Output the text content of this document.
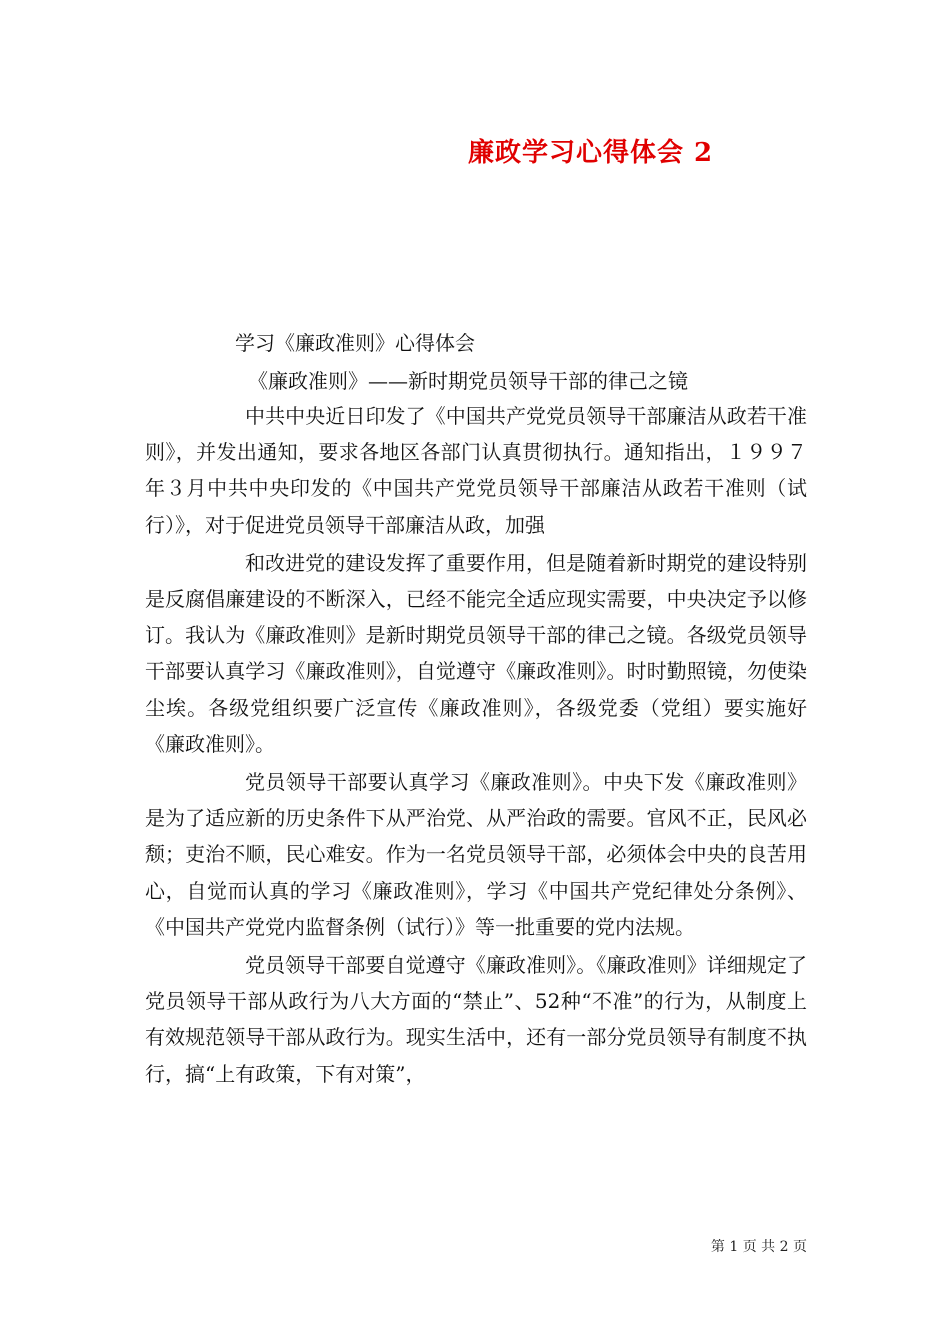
廉政学习心得体会 2
学习《廉政准则》心得体会
《廉政准则》——新时期党员领导干部的律己之镜

中共中央近日印发了《中国共产党党员领导干部廉洁从政若干准则》，并发出通知，要求各地区各部门认真贯彻执行。通知指出，１９９７年３月中共中央印发的《中国共产党党员领导干部廉洁从政若干准则（试行）》，对于促进党员领导干部廉洁从政，加强

和改进党的建设发挥了重要作用，但是随着新时期党的建设特别是反腐倡廉建设的不断深入，已经不能完全适应现实需要，中央决定予以修订。我认为《廉政准则》是新时期党员领导干部的律己之镜。各级党员领导干部要认真学习《廉政准则》，自觉遵守《廉政准则》。时时勤照镜，勿使染尘埃。各级党组织要广泛宣传《廉政准则》，各级党委（党组）要实施好《廉政准则》。

党员领导干部要认真学习《廉政准则》。中央下发《廉政准则》是为了适应新的历史条件下从严治党、从严治政的需要。官风不正，民风必颓；吏治不顺，民心难安。作为一名党员领导干部，必须体会中央的良苦用心，自觉而认真的学习《廉政准则》，学习《中国共产党纪律处分条例》、《中国共产党党内监督条例（试行）》等一批重要的党内法规。

党员领导干部要自觉遵守《廉政准则》。《廉政准则》详细规定了党员领导干部从政行为八大方面的“禁止”、52种“不准”的行为，从制度上有效规范领导干部从政行为。现实生活中，还有一部分党员领导有制度不执行，搞“上有政策，下有对策”，

第 1 页 共 2 页
